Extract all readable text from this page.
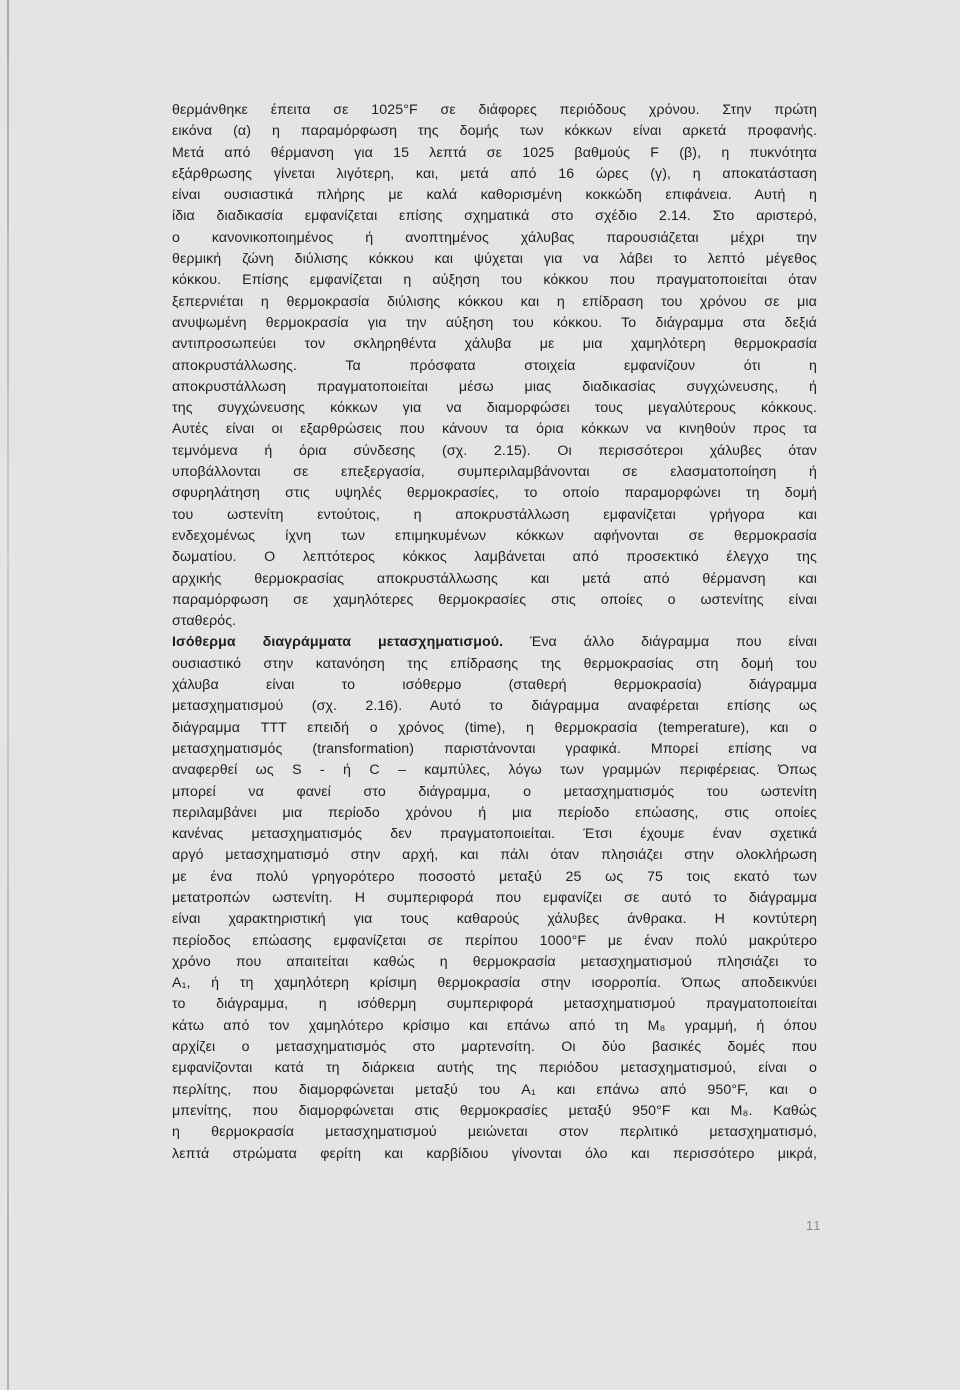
θερμάνθηκε έπειτα σε 1025°F σε διάφορες περιόδους χρόνου. Στην πρώτη
εικόνα (α) η παραμόρφωση της δομής των κόκκων είναι αρκετά προφανής.
Μετά από θέρμανση για 15 λεπτά σε 1025 βαθμούς F (β), η πυκνότητα
εξάρθρωσης γίνεται λιγότερη, και, μετά από 16 ώρες (γ), η αποκατάσταση
είναι ουσιαστικά πλήρης με καλά καθορισμένη κοκκώδη επιφάνεια. Αυτή η
ίδια διαδικασία εμφανίζεται επίσης σχηματικά στο σχέδιο 2.14. Στο αριστερό,
ο κανονικοποιημένος ή ανοπτημένος χάλυβας παρουσιάζεται μέχρι την
θερμική ζώνη διύλισης κόκκου και ψύχεται για να λάβει το λεπτό μέγεθος
κόκκου. Επίσης εμφανίζεται η αύξηση του κόκκου που πραγματοποιείται όταν
ξεπερνιέται η θερμοκρασία διύλισης κόκκου και η επίδραση του χρόνου σε μια
ανυψωμένη θερμοκρασία για την αύξηση του κόκκου. Το διάγραμμα στα δεξιά
αντιπροσωπεύει τον σκληρηθέντα χάλυβα με μια χαμηλότερη θερμοκρασία
αποκρυστάλλωσης. Τα πρόσφατα στοιχεία εμφανίζουν ότι η
αποκρυστάλλωση πραγματοποιείται μέσω μιας διαδικασίας συγχώνευσης, ή
της συγχώνευσης κόκκων για να διαμορφώσει τους μεγαλύτερους κόκκους.
Αυτές είναι οι εξαρθρώσεις που κάνουν τα όρια κόκκων να κινηθούν προς τα
τεμνόμενα ή όρια σύνδεσης (σχ. 2.15). Οι περισσότεροι χάλυβες όταν
υποβάλλονται σε επεξεργασία, συμπεριλαμβάνονται σε ελασματοποίηση ή
σφυρηλάτηση στις υψηλές θερμοκρασίες, το οποίο παραμορφώνει τη δομή
του ωστενίτη εντούτοις, η αποκρυστάλλωση εμφανίζεται γρήγορα και
ενδεχομένως ίχνη των επιμηκυμένων κόκκων αφήνονται σε θερμοκρασία
δωματίου. Ο λεπτότερος κόκκος λαμβάνεται από προσεκτικό έλεγχο της
αρχικής θερμοκρασίας αποκρυστάλλωσης και μετά από θέρμανση και
παραμόρφωση σε χαμηλότερες θερμοκρασίες στις οποίες ο ωστενίτης είναι
σταθερός.
Ισόθερμα διαγράμματα μετασχηματισμού. Ένα άλλο διάγραμμα που είναι
ουσιαστικό στην κατανόηση της επίδρασης της θερμοκρασίας στη δομή του
χάλυβα είναι το ισόθερμο (σταθερή θερμοκρασία) διάγραμμα
μετασχηματισμού (σχ. 2.16). Αυτό το διάγραμμα αναφέρεται επίσης ως
διάγραμμα TTT επειδή ο χρόνος (time), η θερμοκρασία (temperature), και ο
μετασχηματισμός (transformation) παριστάνονται γραφικά. Μπορεί επίσης να
αναφερθεί ως S - ή C – καμπύλες, λόγω των γραμμών περιφέρειας. Όπως
μπορεί να φανεί στο διάγραμμα, ο μετασχηματισμός του ωστενίτη
περιλαμβάνει μια περίοδο χρόνου ή μια περίοδο επώασης, στις οποίες
κανένας μετασχηματισμός δεν πραγματοποιείται. Έτσι έχουμε έναν σχετικά
αργό μετασχηματισμό στην αρχή, και πάλι όταν πλησιάζει στην ολοκλήρωση
με ένα πολύ γρηγορότερο ποσοστό μεταξύ 25 ως 75 τοις εκατό των
μετατροπών ωστενίτη. Η συμπεριφορά που εμφανίζει σε αυτό το διάγραμμα
είναι χαρακτηριστική για τους καθαρούς χάλυβες άνθρακα. Η κοντύτερη
περίοδος επώασης εμφανίζεται σε περίπου 1000°F με έναν πολύ μακρύτερο
χρόνο που απαιτείται καθώς η θερμοκρασία μετασχηματισμού πλησιάζει το
A₁, ή τη χαμηλότερη κρίσιμη θερμοκρασία στην ισορροπία. Όπως αποδεικνύει
το διάγραμμα, η ισόθερμη συμπεριφορά μετασχηματισμού πραγματοποιείται
κάτω από τον χαμηλότερο κρίσιμο και επάνω από τη M₈ γραμμή, ή όπου
αρχίζει ο μετασχηματισμός στο μαρτενσίτη. Οι δύο βασικές δομές που
εμφανίζονται κατά τη διάρκεια αυτής της περιόδου μετασχηματισμού, είναι ο
περλίτης, που διαμορφώνεται μεταξύ του A₁ και επάνω από 950°F, και ο
μπενίτης, που διαμορφώνεται στις θερμοκρασίες μεταξύ 950°F και M₈. Καθώς
η θερμοκρασία μετασχηματισμού μειώνεται στον περλιτικό μετασχηματισμό,
λεπτά στρώματα φερίτη και καρβίδιου γίνονται όλο και περισσότερο μικρά,
11
